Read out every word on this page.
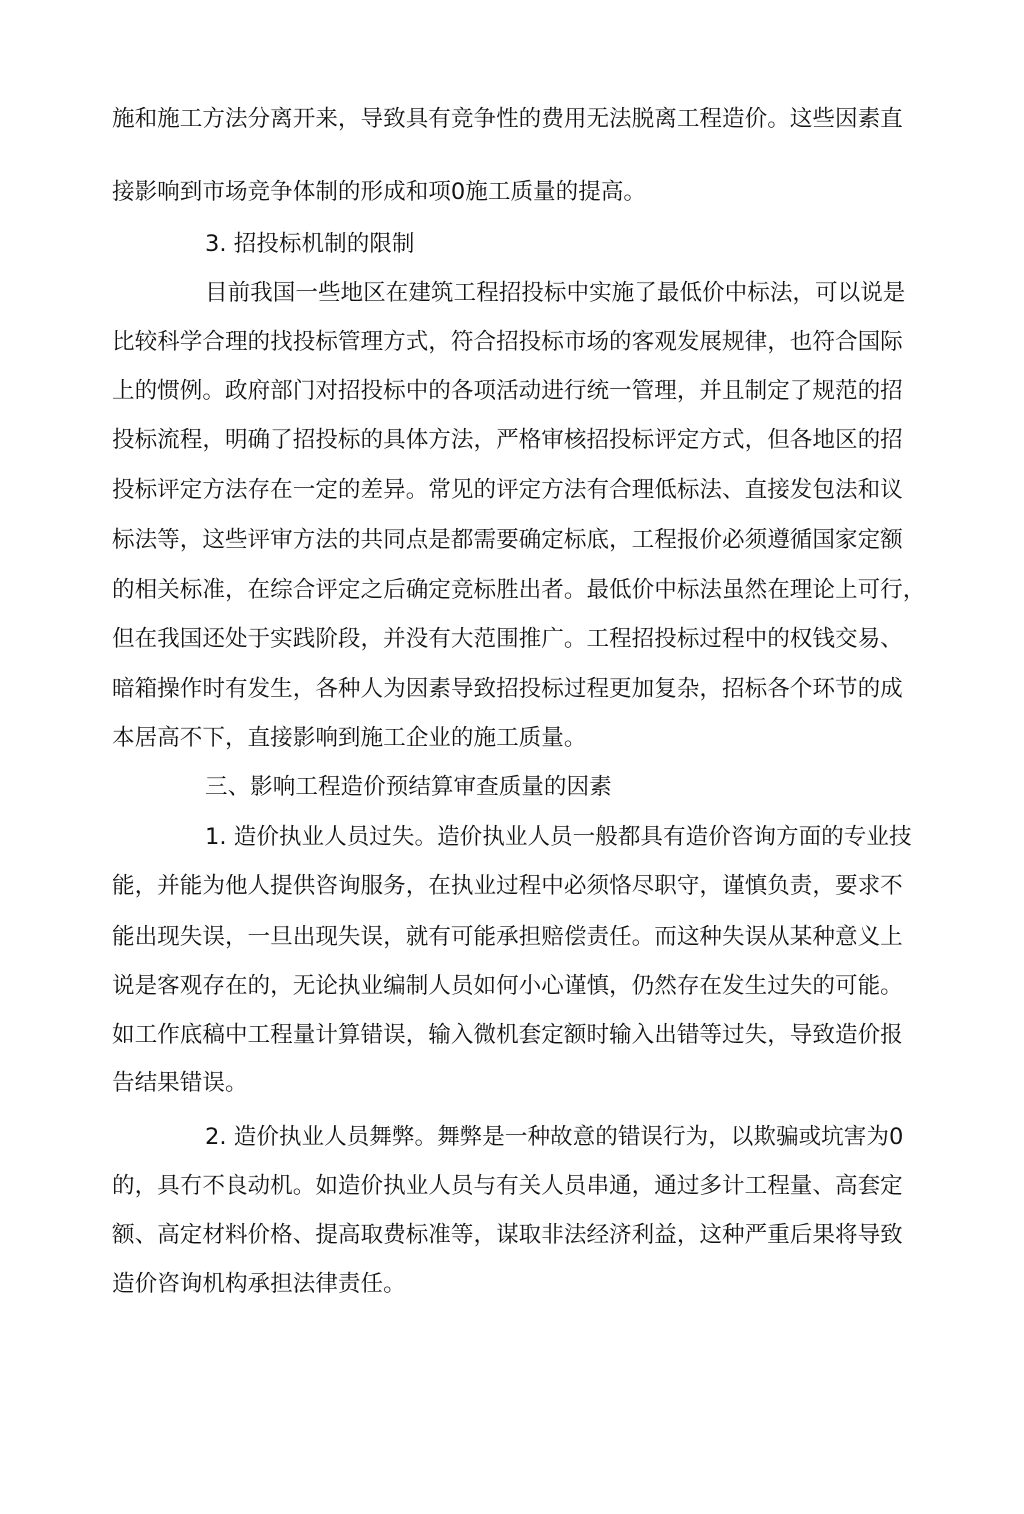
施和施工方法分离开来，导致具有竞争性的费用无法脱离工程造价。这些因素直
接影响到市场竞争体制的形成和项0施工质量的提高。
3. 招投标机制的限制
目前我国一些地区在建筑工程招投标中实施了最低价中标法，可以说是
比较科学合理的找投标管理方式，符合招投标市场的客观发展规律，也符合国际
上的惯例。政府部门对招投标中的各项活动进行统一管理，并且制定了规范的招
投标流程，明确了招投标的具体方法，严格审核招投标评定方式，但各地区的招
投标评定方法存在一定的差异。常见的评定方法有合理低标法、直接发包法和议
标法等，这些评审方法的共同点是都需要确定标底，工程报价必须遵循国家定额
的相关标准，在综合评定之后确定竞标胜出者。最低价中标法虽然在理论上可行，
但在我国还处于实践阶段，并没有大范围推广。工程招投标过程中的权钱交易、
暗箱操作时有发生，各种人为因素导致招投标过程更加复杂，招标各个环节的成
本居高不下，直接影响到施工企业的施工质量。
三、影响工程造价预结算审查质量的因素
1. 造价执业人员过失。造价执业人员一般都具有造价咨询方面的专业技
能，并能为他人提供咨询服务，在执业过程中必须恪尽职守，谨慎负责，要求不
能出现失误，一旦出现失误，就有可能承担赔偿责任。而这种失误从某种意义上
说是客观存在的，无论执业编制人员如何小心谨慎，仍然存在发生过失的可能。
如工作底稿中工程量计算错误，输入微机套定额时输入出错等过失，导致造价报
告结果错误。
2. 造价执业人员舞弊。舞弊是一种故意的错误行为，以欺骗或坑害为0
的，具冇不良动机。如造价执业人员与有关人员串通，通过多计工程量、高套定
额、高定材料价格、提高取费标准等，谋取非法经济利益，这种严重后果将导致
造价咨询机构承担法律责任。
